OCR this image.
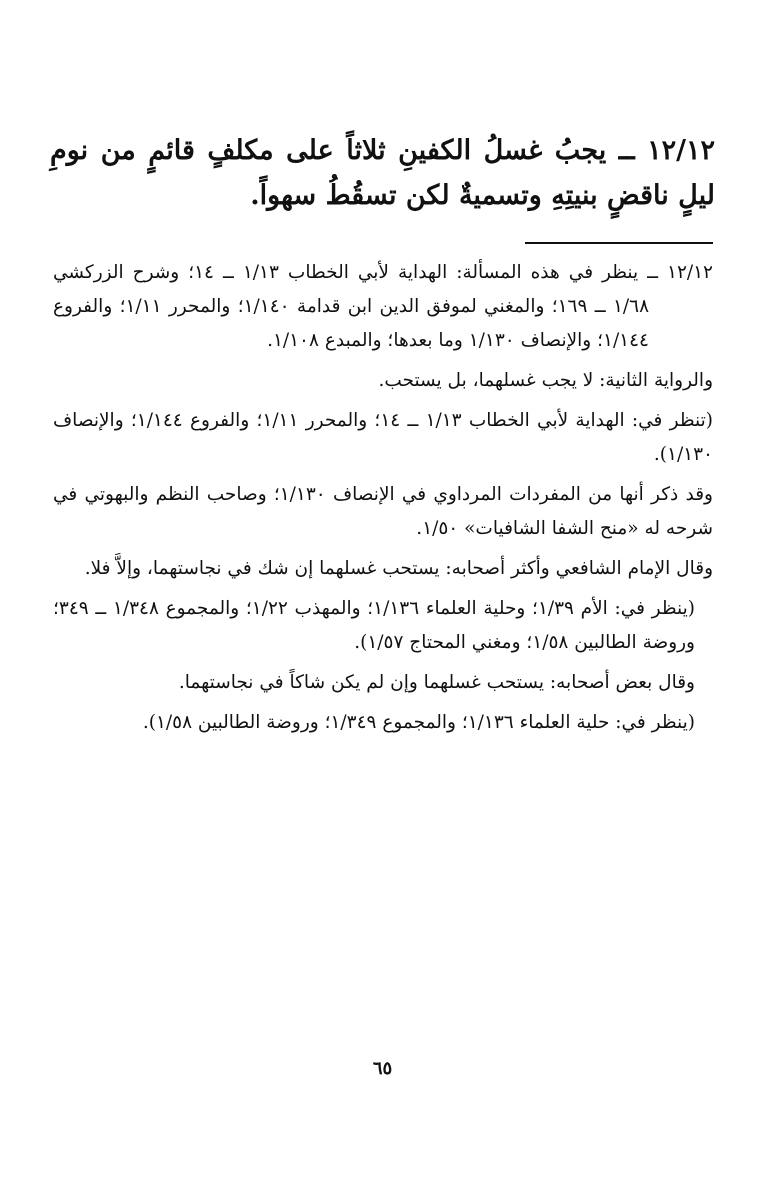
١٢/١٢ ــ يجبُ غسلُ الكفينِ ثلاثاً على مكلفٍ قائمٍ من نومِ ليلٍ ناقضٍ بنيتِهِ وتسميةٌ لكن تسقُطُ سهواً.

١٢/١٢ ــ ينظر في هذه المسألة: الهداية لأبي الخطاب ١/١٣ ــ ١٤؛ وشرح الزركشي ١/٦٨ ــ ١٦٩؛ والمغني لموفق الدين ابن قدامة ١/١٤٠؛ والمحرر ١/١١؛ والفروع ١/١٤٤؛ والإنصاف ١/١٣٠ وما بعدها؛ والمبدع ١/١٠٨.

والرواية الثانية: لا يجب غسلهما، بل يستحب.

(تنظر في: الهداية لأبي الخطاب ١/١٣ ــ ١٤؛ والمحرر ١/١١؛ والفروع ١/١٤٤؛ والإنصاف ١/١٣٠).

وقد ذكر أنها من المفردات المرداوي في الإنصاف ١/١٣٠؛ وصاحب النظم والبهوتي في شرحه له «منح الشفا الشافيات» ١/٥٠.

وقال الإمام الشافعي وأكثر أصحابه: يستحب غسلهما إن شك في نجاستهما، وإلاَّ فلا.

(ينظر في: الأم ١/٣٩؛ وحلية العلماء ١/١٣٦؛ والمهذب ١/٢٢؛ والمجموع ١/٣٤٨ ــ ٣٤٩؛ وروضة الطالبين ١/٥٨؛ ومغني المحتاج ١/٥٧).

وقال بعض أصحابه: يستحب غسلهما وإن لم يكن شاكاً في نجاستهما.

(ينظر في: حلية العلماء ١/١٣٦؛ والمجموع ١/٣٤٩؛ وروضة الطالبين ١/٥٨).

٦٥
